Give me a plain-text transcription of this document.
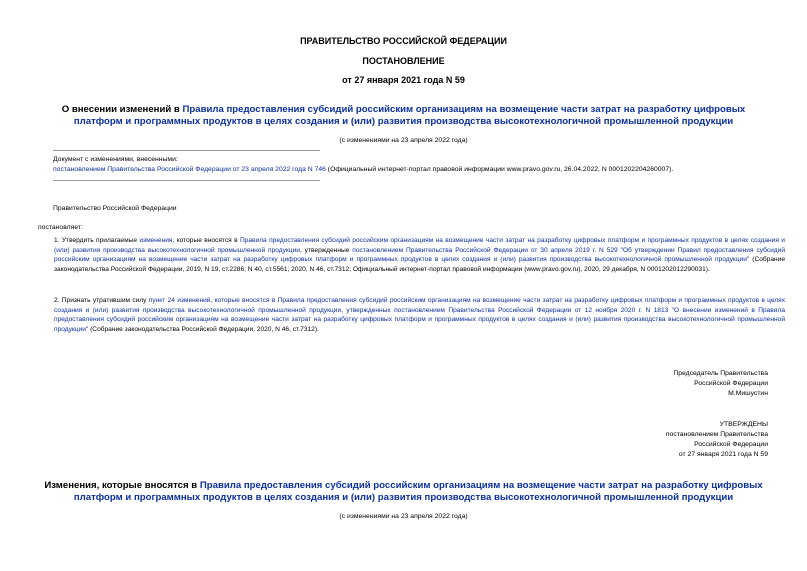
ПРАВИТЕЛЬСТВО РОССИЙСКОЙ ФЕДЕРАЦИИ
ПОСТАНОВЛЕНИЕ
от 27 января 2021 года N 59
О внесении изменений в Правила предоставления субсидий российским организациям на возмещение части затрат на разработку цифровых платформ и программных продуктов в целях создания и (или) развития производства высокотехнологичной промышленной продукции
(с изменениями на 23 апреля 2022 года)
Документ с изменениями, внесенными:
постановлением Правительства Российской Федерации от 23 апреля 2022 года N 746 (Официальный интернет-портал правовой информации www.pravo.gov.ru, 26.04.2022, N 0001202204260007).
Правительство Российской Федерации
постановляет:
1. Утвердить прилагаемые изменения, которые вносятся в Правила предоставления субсидий российским организациям на возмещение части затрат на разработку цифровых платформ и программных продуктов в целях создания и (или) развития производства высокотехнологичной промышленной продукции, утвержденные постановлением Правительства Российской Федерации от 30 апреля 2019 г. N 529 "Об утверждении Правил предоставления субсидий российским организациям на возмещение части затрат на разработку цифровых платформ и программных продуктов в целях создания и (или) развития производства высокотехнологичной промышленной продукции" (Собрание законодательства Российской Федерации, 2019, N 19, ст.2286; N 40, ст.5561; 2020, N 46, ст.7312; Официальный интернет-портал правовой информации (www.pravo.gov.ru), 2020, 29 декабря, N 0001202012290031).
2. Признать утратившим силу пункт 24 изменений, которые вносятся в Правила предоставления субсидий российским организациям на возмещение части затрат на разработку цифровых платформ и программных продуктов в целях создания и (или) развития производства высокотехнологичной промышленной продукции, утвержденных постановлением Правительства Российской Федерации от 12 ноября 2020 г. N 1813 "О внесении изменений в Правила предоставления субсидий российским организациям на возмещение части затрат на разработку цифровых платформ и программных продуктов в целях создания и (или) развития производства высокотехнологичной промышленной продукции" (Собрание законодательства Российской Федерации, 2020, N 46, ст.7312).
Председатель Правительства
Российской Федерации
М.Мишустин
УТВЕРЖДЕНЫ
постановлением Правительства
Российской Федерации
от 27 января 2021 года N 59
Изменения, которые вносятся в Правила предоставления субсидий российским организациям на возмещение части затрат на разработку цифровых платформ и программных продуктов в целях создания и (или) развития производства высокотехнологичной промышленной продукции
(с изменениями на 23 апреля 2022 года)
